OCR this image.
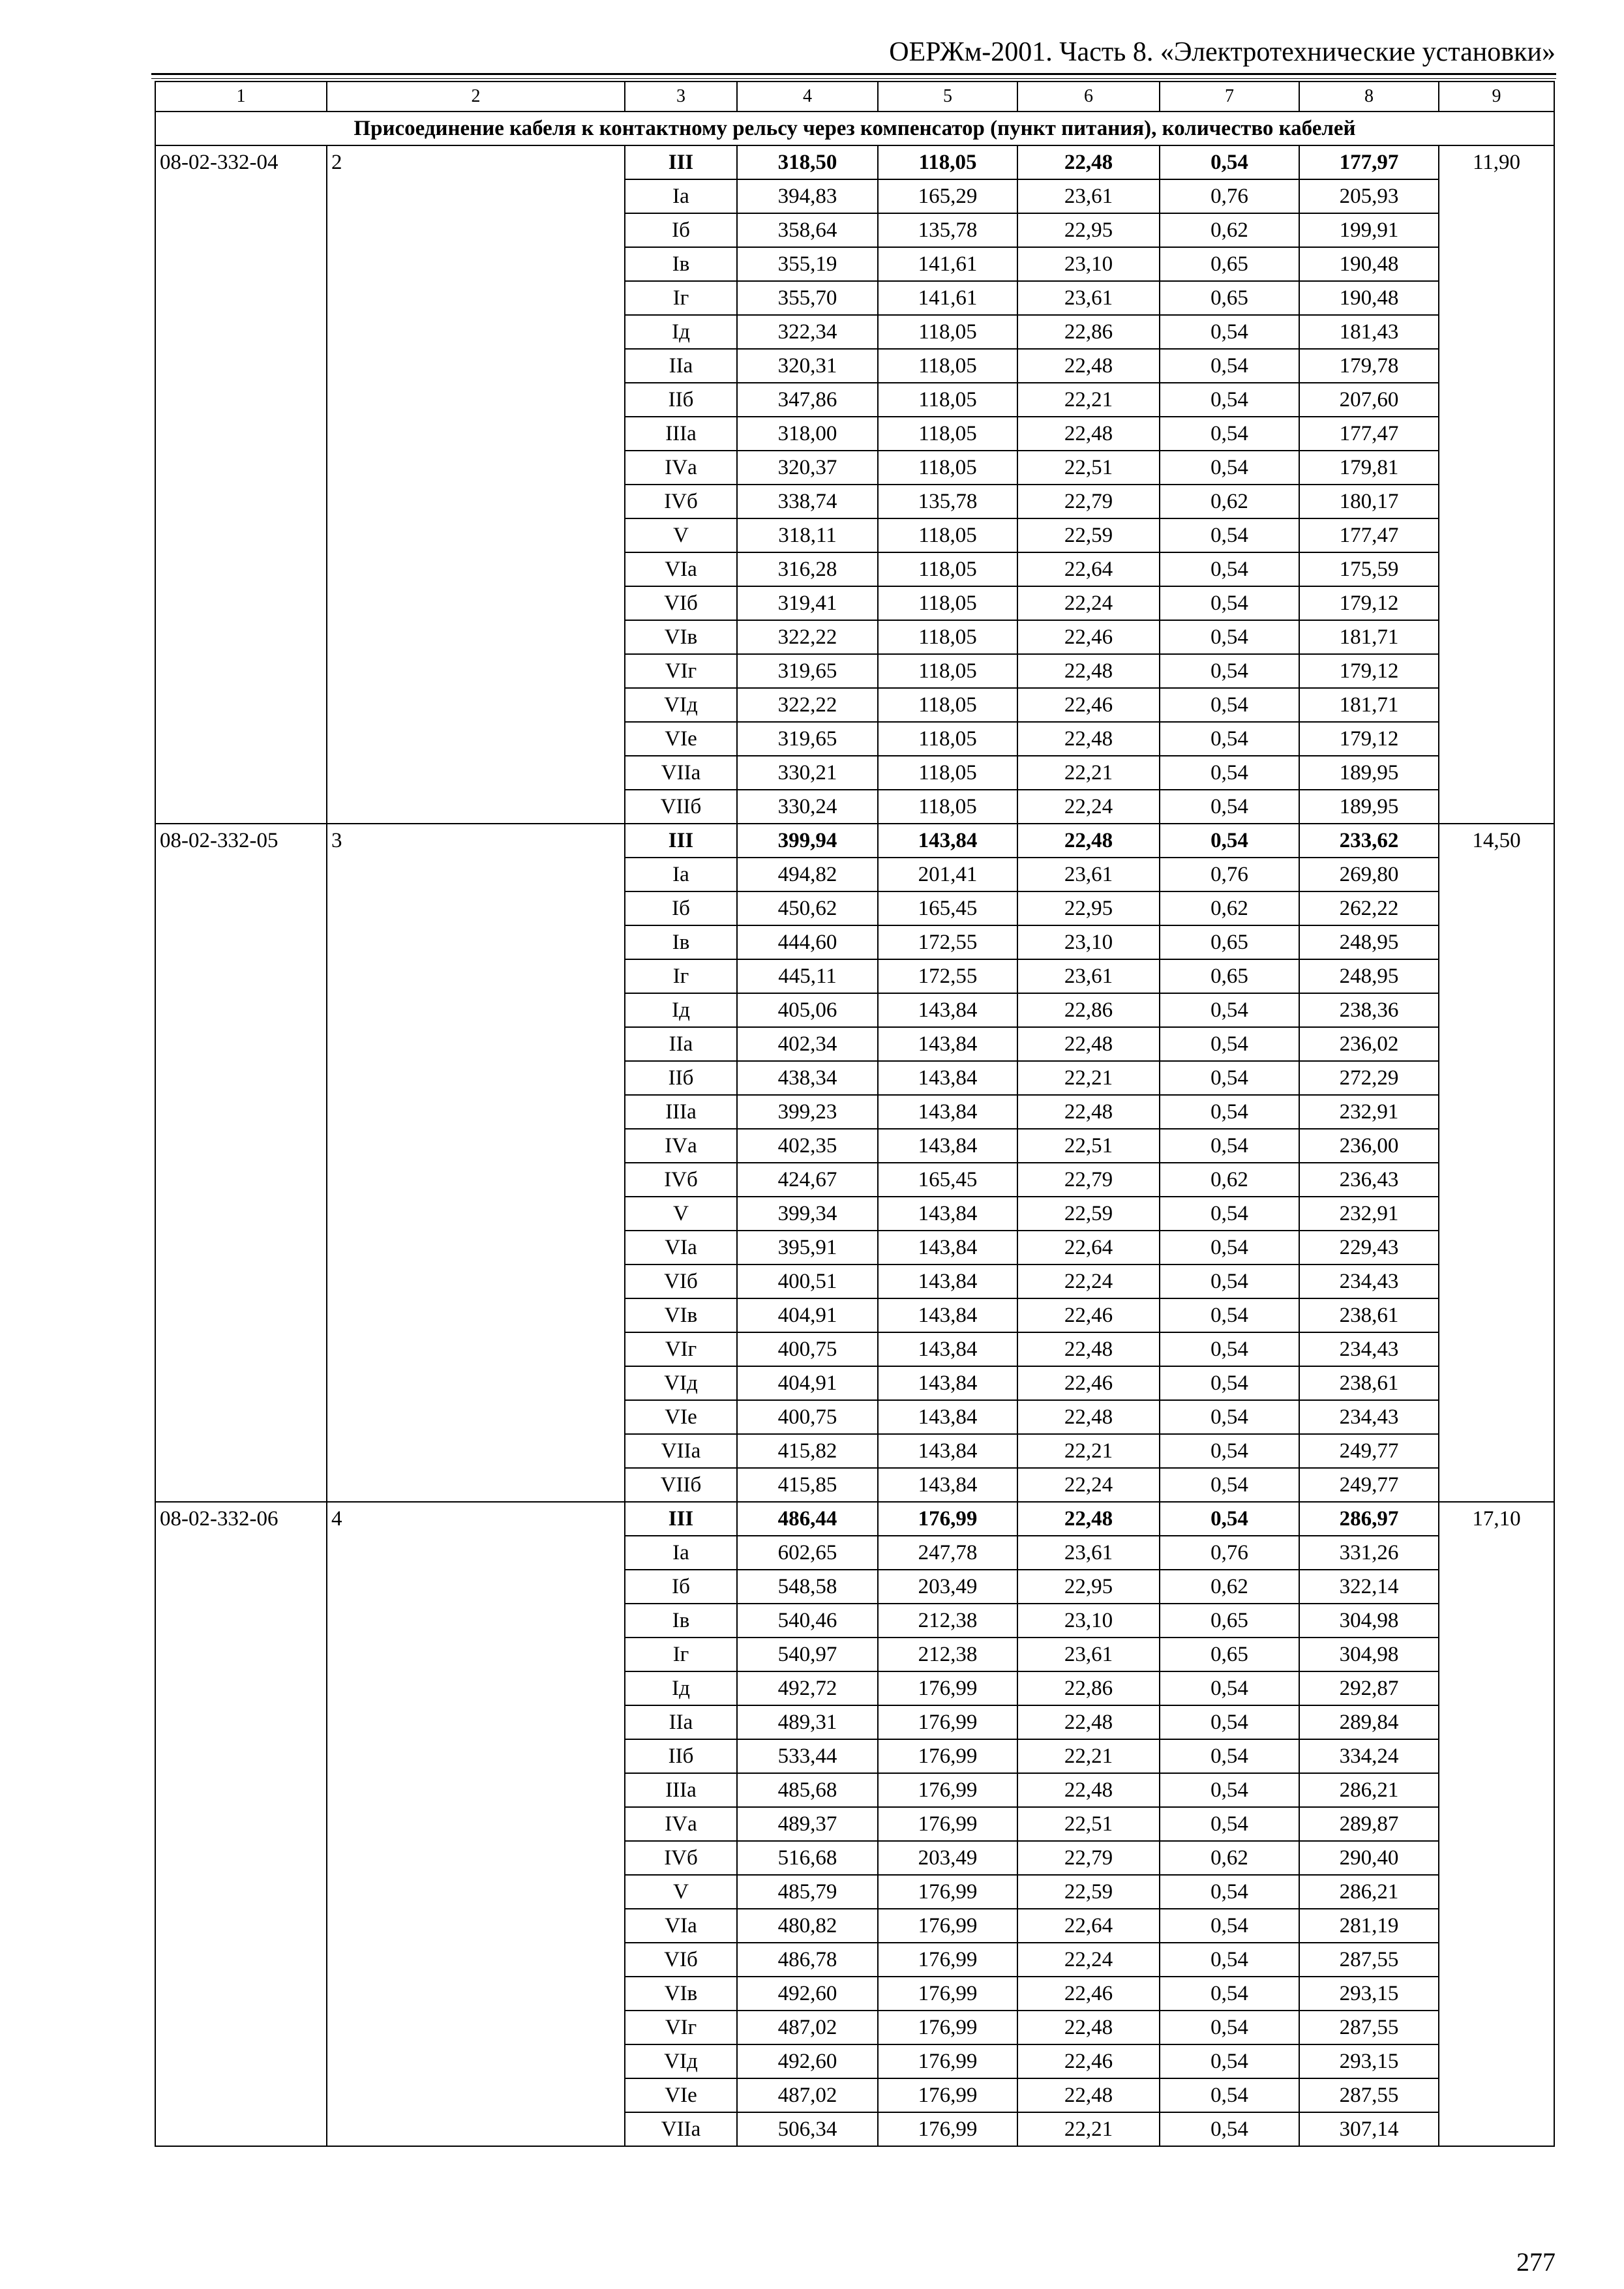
ОЕРЖм-2001. Часть 8. «Электротехнические установки»
1	2	3	4	5	6	7	8	9
Присоединение кабеля к контактному рельсу через компенсатор (пункт питания), количество кабелей								
08-02-332-04	2	III	318,50	118,05	22,48	0,54	177,97	11,90
		Iа	394,83	165,29	23,61	0,76	205,93	
		Iб	358,64	135,78	22,95	0,62	199,91	
		Iв	355,19	141,61	23,10	0,65	190,48	
		Iг	355,70	141,61	23,61	0,65	190,48	
		Iд	322,34	118,05	22,86	0,54	181,43	
		IIа	320,31	118,05	22,48	0,54	179,78	
		IIб	347,86	118,05	22,21	0,54	207,60	
		IIIа	318,00	118,05	22,48	0,54	177,47	
		IVа	320,37	118,05	22,51	0,54	179,81	
		IVб	338,74	135,78	22,79	0,62	180,17	
		V	318,11	118,05	22,59	0,54	177,47	
		VIа	316,28	118,05	22,64	0,54	175,59	
		VIб	319,41	118,05	22,24	0,54	179,12	
		VIв	322,22	118,05	22,46	0,54	181,71	
		VIг	319,65	118,05	22,48	0,54	179,12	
		VIд	322,22	118,05	22,46	0,54	181,71	
		VIе	319,65	118,05	22,48	0,54	179,12	
		VIIа	330,21	118,05	22,21	0,54	189,95	
		VIIб	330,24	118,05	22,24	0,54	189,95	
08-02-332-05	3	III	399,94	143,84	22,48	0,54	233,62	14,50
		Iа	494,82	201,41	23,61	0,76	269,80	
		Iб	450,62	165,45	22,95	0,62	262,22	
		Iв	444,60	172,55	23,10	0,65	248,95	
		Iг	445,11	172,55	23,61	0,65	248,95	
		Iд	405,06	143,84	22,86	0,54	238,36	
		IIа	402,34	143,84	22,48	0,54	236,02	
		IIб	438,34	143,84	22,21	0,54	272,29	
		IIIа	399,23	143,84	22,48	0,54	232,91	
		IVа	402,35	143,84	22,51	0,54	236,00	
		IVб	424,67	165,45	22,79	0,62	236,43	
		V	399,34	143,84	22,59	0,54	232,91	
		VIа	395,91	143,84	22,64	0,54	229,43	
		VIб	400,51	143,84	22,24	0,54	234,43	
		VIв	404,91	143,84	22,46	0,54	238,61	
		VIг	400,75	143,84	22,48	0,54	234,43	
		VIд	404,91	143,84	22,46	0,54	238,61	
		VIе	400,75	143,84	22,48	0,54	234,43	
		VIIа	415,82	143,84	22,21	0,54	249,77	
		VIIб	415,85	143,84	22,24	0,54	249,77	
08-02-332-06	4	III	486,44	176,99	22,48	0,54	286,97	17,10
		Iа	602,65	247,78	23,61	0,76	331,26	
		Iб	548,58	203,49	22,95	0,62	322,14	
		Iв	540,46	212,38	23,10	0,65	304,98	
		Iг	540,97	212,38	23,61	0,65	304,98	
		Iд	492,72	176,99	22,86	0,54	292,87	
		IIа	489,31	176,99	22,48	0,54	289,84	
		IIб	533,44	176,99	22,21	0,54	334,24	
		IIIа	485,68	176,99	22,48	0,54	286,21	
		IVа	489,37	176,99	22,51	0,54	289,87	
		IVб	516,68	203,49	22,79	0,62	290,40	
		V	485,79	176,99	22,59	0,54	286,21	
		VIа	480,82	176,99	22,64	0,54	281,19	
		VIб	486,78	176,99	22,24	0,54	287,55	
		VIв	492,60	176,99	22,46	0,54	293,15	
		VIг	487,02	176,99	22,48	0,54	287,55	
		VIд	492,60	176,99	22,46	0,54	293,15	
		VIе	487,02	176,99	22,48	0,54	287,55	
		VIIа	506,34	176,99	22,21	0,54	307,14	
277
